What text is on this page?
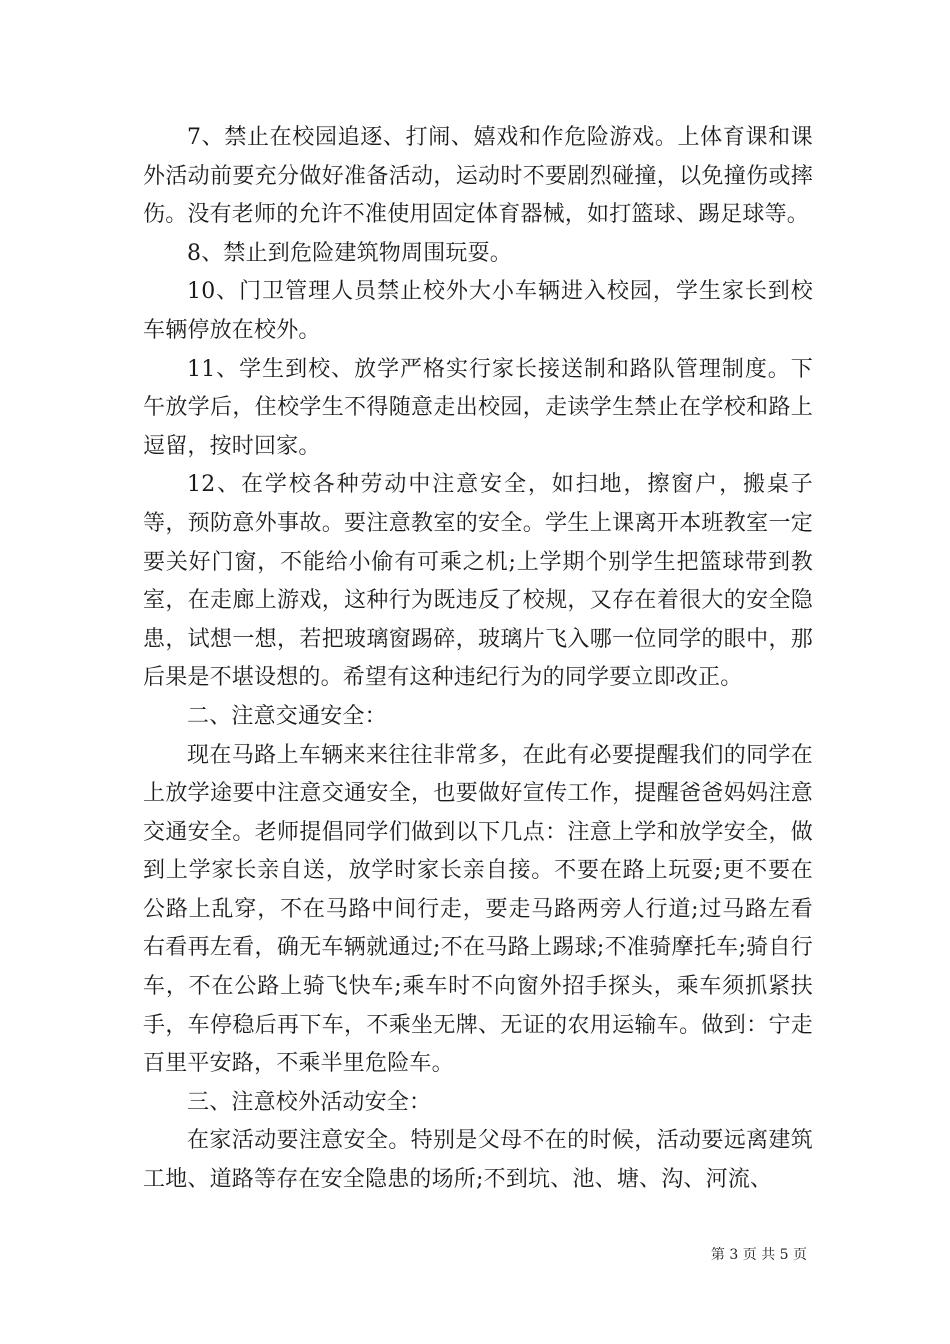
7、禁止在校园追逐、打闹、嬉戏和作危险游戏。上体育课和课外活动前要充分做好准备活动，运动时不要剧烈碰撞，以免撞伤或摔伤。没有老师的允许不准使用固定体育器械，如打篮球、踢足球等。

8、禁止到危险建筑物周围玩耍。

10、门卫管理人员禁止校外大小车辆进入校园，学生家长到校车辆停放在校外。

11、学生到校、放学严格实行家长接送制和路队管理制度。下午放学后，住校学生不得随意走出校园，走读学生禁止在学校和路上逗留，按时回家。

12、在学校各种劳动中注意安全，如扫地，擦窗户，搬桌子等，预防意外事故。要注意教室的安全。学生上课离开本班教室一定要关好门窗，不能给小偷有可乘之机;上学期个别学生把篮球带到教室，在走廊上游戏，这种行为既违反了校规，又存在着很大的安全隐患，试想一想，若把玻璃窗踢碎，玻璃片飞入哪一位同学的眼中，那后果是不堪设想的。希望有这种违纪行为的同学要立即改正。

二、注意交通安全：

现在马路上车辆来来往往非常多，在此有必要提醒我们的同学在上放学途要中注意交通安全，也要做好宣传工作，提醒爸爸妈妈注意交通安全。老师提倡同学们做到以下几点：注意上学和放学安全，做到上学家长亲自送，放学时家长亲自接。不要在路上玩耍;更不要在公路上乱穿，不在马路中间行走，要走马路两旁人行道;过马路左看右看再左看，确无车辆就通过;不在马路上踢球;不准骑摩托车;骑自行车，不在公路上骑飞快车;乘车时不向窗外招手探头，乘车须抓紧扶手，车停稳后再下车，不乘坐无牌、无证的农用运输车。做到：宁走百里平安路，不乘半里危险车。

三、注意校外活动安全：

在家活动要注意安全。特别是父母不在的时候，活动要远离建筑工地、道路等存在安全隐患的场所;不到坑、池、塘、沟、河流、

第 3 页 共 5 页
